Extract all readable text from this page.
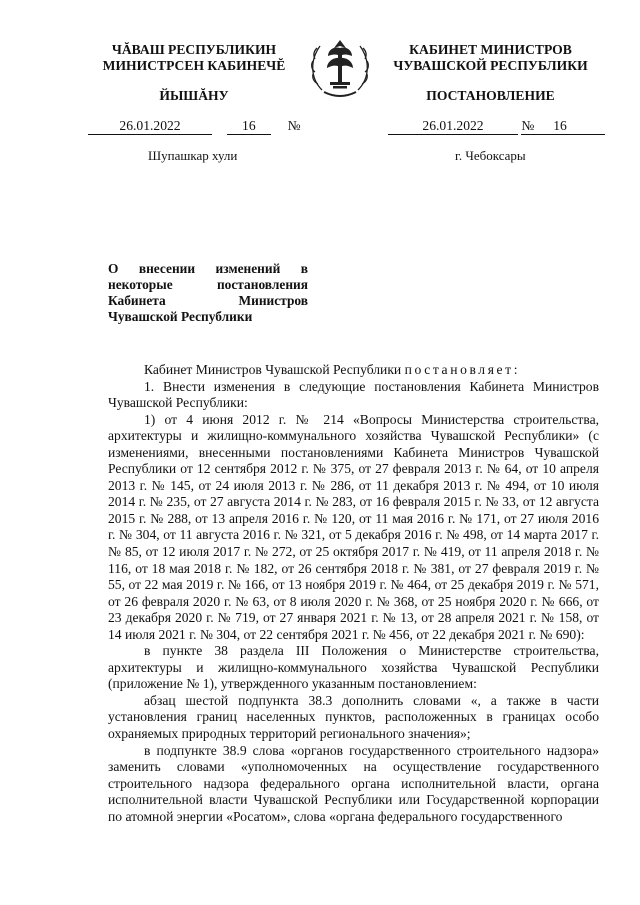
ЧĂВАШ РЕСПУБЛИКИН
МИНИСТРСЕН КАБИНЕЧĔ
КАБИНЕТ МИНИСТРОВ
ЧУВАШСКОЙ РЕСПУБЛИКИ
ЙЫШĂНУ	ПОСТАНОВЛЕНИЕ
26.01.2022	16 №	26.01.2022	№ 16
Шупашкар хули	г. Чебоксары
О внесении изменений в некоторые постановления Кабинета Министров Чувашской Республики

Кабинет Министров Чувашской Республики постановляет:

1. Внести изменения в следующие постановления Кабинета Министров Чувашской Республики:

1) от 4 июня 2012 г. № 214 «Вопросы Министерства строительства, архитектуры и жилищно-коммунального хозяйства Чувашской Республики» (с изменениями, внесенными постановлениями Кабинета Министров Чувашской Республики от 12 сентября 2012 г. № 375, от 27 февраля 2013 г. № 64, от 10 апреля 2013 г. № 145, от 24 июля 2013 г. № 286, от 11 декабря 2013 г. № 494, от 10 июля 2014 г. № 235, от 27 августа 2014 г. № 283, от 16 февраля 2015 г. № 33, от 12 августа 2015 г. № 288, от 13 апреля 2016 г. № 120, от 11 мая 2016 г. № 171, от 27 июля 2016 г. № 304, от 11 августа 2016 г. № 321, от 5 декабря 2016 г. № 498, от 14 марта 2017 г. № 85, от 12 июля 2017 г. № 272, от 25 октября 2017 г. № 419, от 11 апреля 2018 г. № 116, от 18 мая 2018 г. № 182, от 26 сентября 2018 г. № 381, от 27 февраля 2019 г. № 55, от 22 мая 2019 г. № 166, от 13 ноября 2019 г. № 464, от 25 декабря 2019 г. № 571, от 26 февраля 2020 г. № 63, от 8 июля 2020 г. № 368, от 25 ноября 2020 г. № 666, от 23 декабря 2020 г. № 719, от 27 января 2021 г. № 13, от 28 апреля 2021 г. № 158, от 14 июля 2021 г. № 304, от 22 сентября 2021 г. № 456, от 22 декабря 2021 г. № 690):

в пункте 38 раздела III Положения о Министерстве строительства, архитектуры и жилищно-коммунального хозяйства Чувашской Республики (приложение № 1), утвержденного указанным постановлением:

абзац шестой подпункта 38.3 дополнить словами «, а также в части установления границ населенных пунктов, расположенных в границах особо охраняемых природных территорий регионального значения»;

в подпункте 38.9 слова «органов государственного строительного надзора» заменить словами «уполномоченных на осуществление государственного строительного надзора федерального органа исполнительной власти, органа исполнительной власти Чувашской Республики или Государственной корпорации по атомной энергии «Росатом», слова «органа федерального государственного
